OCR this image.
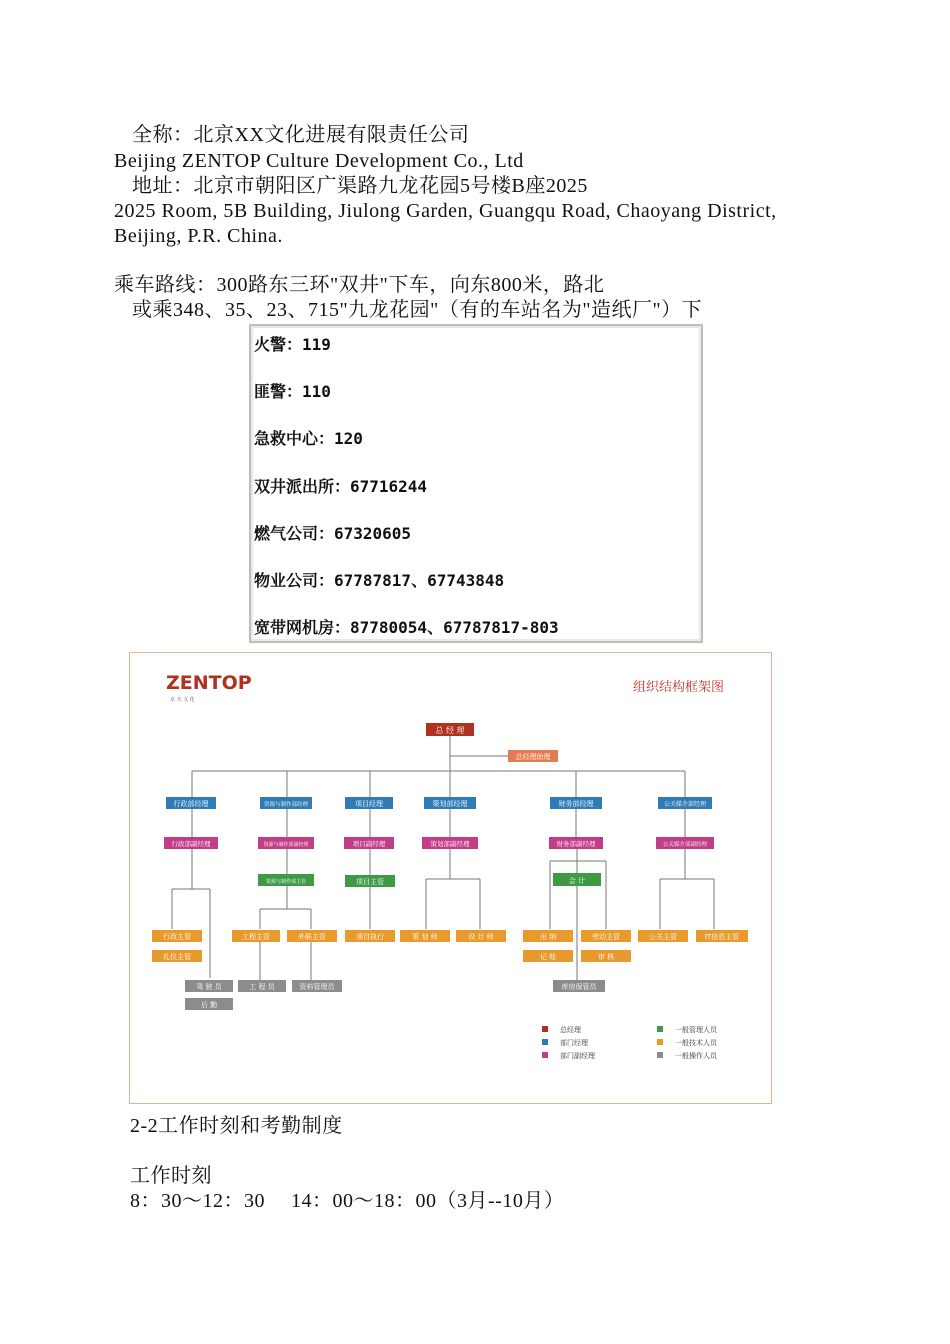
全称：北京XX文化进展有限责任公司
Beijing ZENTOP Culture Development Co., Ltd
地址：北京市朝阳区广渠路九龙花园5号楼B座2025
2025 Room, 5B Building, Jiulong Garden, Guangqu Road, Chaoyang District,
Beijing, P.R. China.
乘车路线：300路东三环"双井"下车，向东800米，路北
或乘348、35、23、715"九龙花园"（有的车站名为"造纸厂"）下
火警：119
匪警：110
急救中心：120
双井派出所：67716244
燃气公司：67320605
物业公司：67787817、67743848
宽带网机房：87780054、67787817-803
ZENTOP
京 天 文 化
组织结构框架图
总 经 理
总经理助理
行政部经理	资源与制作部经理	项目经理	策划部经理	财务部经理	公关媒介部经理
行政部副经理	资源与制作部副经理	项目副经理	策划部副经理	财务部副经理	公关媒介部副经理
资源与制作部主管	项目主管	会 计
行政主管
礼仪主管
工程主管	外联主管	项目执行	策 划 师	设 计 师	出 纳	劳动主管
记 账	审 核
公关主管	IT信息主管
驾 驶 员
后 勤
工 程 员	资料管理员	库房保管员
总经理
部门经理
部门副经理
一般管理人员
一般技术人员
一般操作人员
2-2工作时刻和考勤制度
工作时刻
8：30～12：30　 14：00～18：00（3月--10月）
